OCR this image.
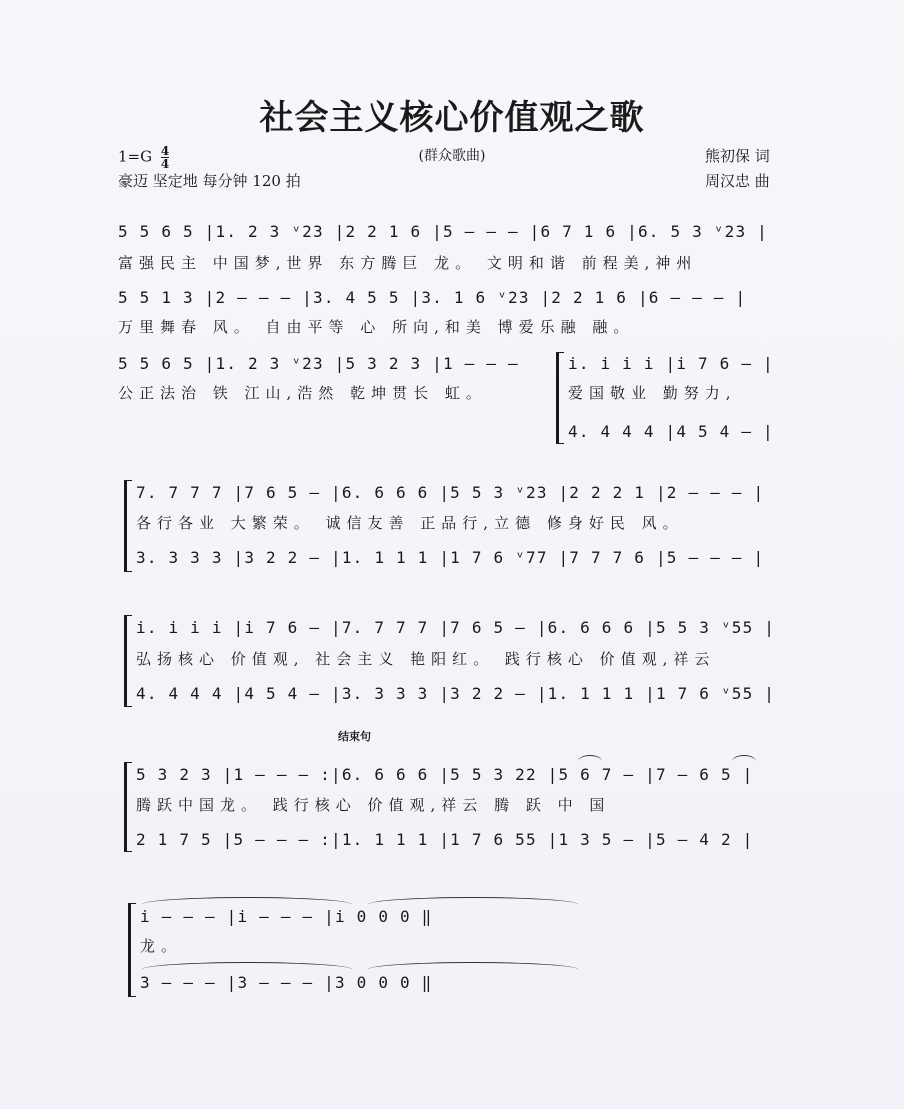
社会主义核心价值观之歌
$1=G \frac{4}{4}$	(群众歌曲)
豪迈 坚定地 每分钟 120 拍
熊初保 词
周汉忠 曲
5 5 6 5 |1. 2 3 ᵛ23 |2 2 1 6 |5 — — — |6 7 1 6 |6. 5 3 ᵛ23 |
富强民主 中国梦,世界 东方腾巨 龙。 文明和谐 前程美,神州
5 5 1 3 |2 — — — |3. 4 5 5 |3. 1 6 ᵛ23 |2 2 1 6 |6 — — — |
万里舞春 风。 自由平等 心 所向,和美 博爱乐融 融。
5 5 6 5 |1. 2 3 ᵛ23 |5 3 2 3 |1 — — —
公正法治 铁 江山,浩然 乾坤贯长 虹。
i. i i i |i 7 6 — |
爱国敬业 勤努力,
4. 4 4 4 |4 5 4 — |
7. 7 7 7 |7 6 5 — |6. 6 6 6 |5 5 3 ᵛ23 |2 2 2 1 |2 — — — |
各行各业 大繁荣。 诚信友善 正品行,立德 修身好民 风。
3. 3 3 3 |3 2 2 — |1. 1 1 1 |1 7 6 ᵛ77 |7 7 7 6 |5 — — — |
i. i i i |i 7 6 — |7. 7 7 7 |7 6 5 — |6. 6 6 6 |5 5 3 ᵛ55 |
弘扬核心 价值观, 社会主义 艳阳红。 践行核心 价值观,祥云
4. 4 4 4 |4 5 4 — |3. 3 3 3 |3 2 2 — |1. 1 1 1 |1 7 6 ᵛ55 |
结束句
5 3 2 3 |1 — — — :|6. 6 6 6 |5 5 3 22 |5 6 7 — |7 — 6 5 |
腾跃中国龙。 践行核心 价值观,祥云 腾 跃 中 国
2 1 7 5 |5 — — — :|1. 1 1 1 |1 7 6 55 |1 3 5 — |5 — 4 2 |
i — — — |i — — — |i 0 0 0 ‖
龙。
3 — — — |3 — — — |3 0 0 0 ‖
